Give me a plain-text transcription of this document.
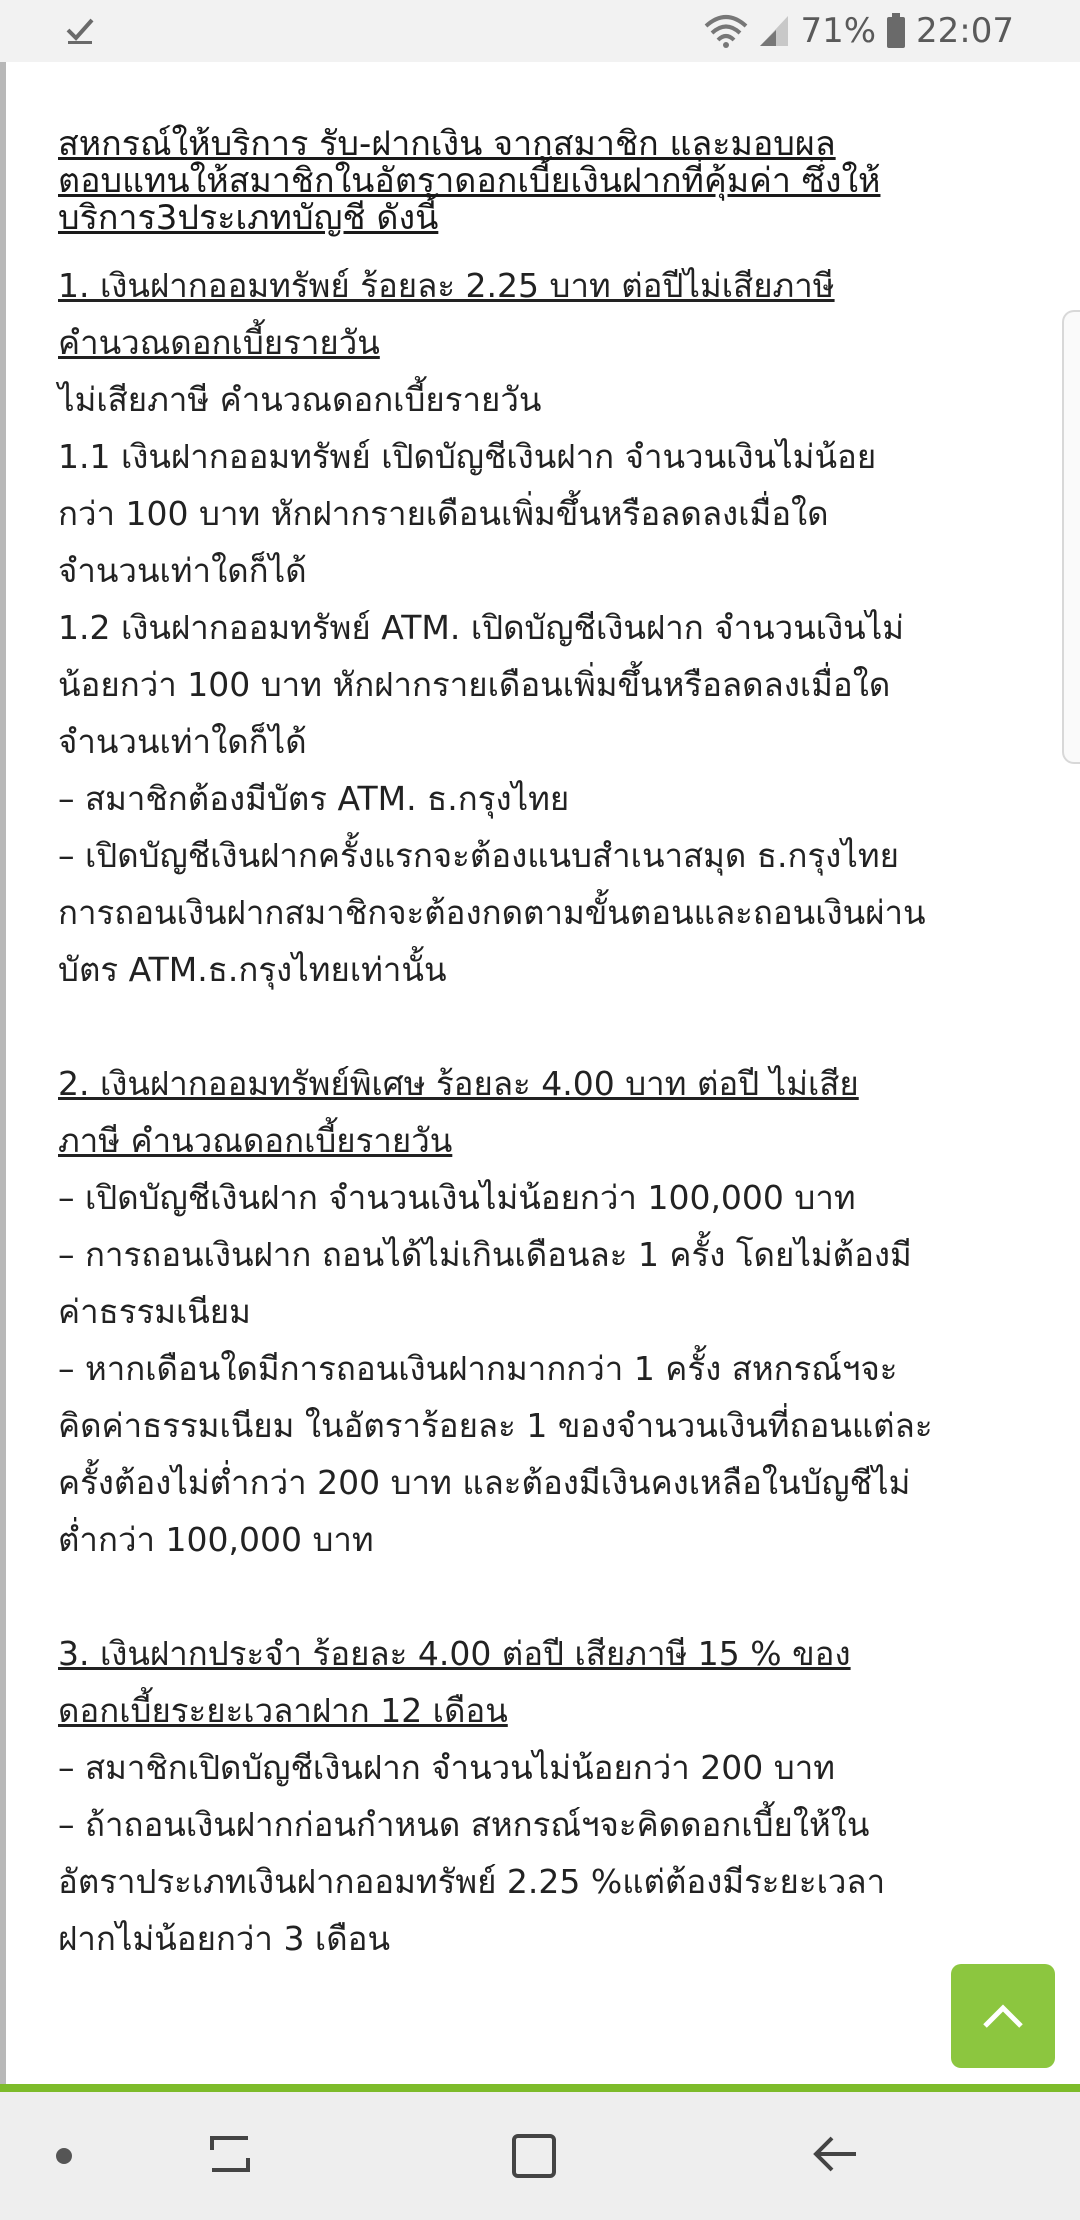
71% 22:07
สหกรณ์ให้บริการ รับ-ฝากเงิน จากสมาชิก และมอบผล
ตอบแทนให้สมาชิกในอัตราดอกเบี้ยเงินฝากที่คุ้มค่า ซึ่งให้
บริการ3ประเภทบัญชี ดังนี้

1. เงินฝากออมทรัพย์ ร้อยละ 2.25 บาท ต่อปีไม่เสียภาษี

คำนวณดอกเบี้ยรายวัน

ไม่เสียภาษี คำนวณดอกเบี้ยรายวัน

1.1 เงินฝากออมทรัพย์ เปิดบัญชีเงินฝาก จำนวนเงินไม่น้อย

กว่า 100 บาท หักฝากรายเดือนเพิ่มขึ้นหรือลดลงเมื่อใด

จำนวนเท่าใดก็ได้

1.2 เงินฝากออมทรัพย์ ATM. เปิดบัญชีเงินฝาก จำนวนเงินไม่

น้อยกว่า 100 บาท หักฝากรายเดือนเพิ่มขึ้นหรือลดลงเมื่อใด

จำนวนเท่าใดก็ได้

– สมาชิกต้องมีบัตร ATM. ธ.กรุงไทย

– เปิดบัญชีเงินฝากครั้งแรกจะต้องแนบสำเนาสมุด ธ.กรุงไทย

การถอนเงินฝากสมาชิกจะต้องกดตามขั้นตอนและถอนเงินผ่าน

บัตร ATM.ธ.กรุงไทยเท่านั้น

2. เงินฝากออมทรัพย์พิเศษ ร้อยละ 4.00 บาท ต่อปี ไม่เสีย

ภาษี คำนวณดอกเบี้ยรายวัน

– เปิดบัญชีเงินฝาก จำนวนเงินไม่น้อยกว่า 100,000 บาท

– การถอนเงินฝาก ถอนได้ไม่เกินเดือนละ 1 ครั้ง โดยไม่ต้องมี

ค่าธรรมเนียม

– หากเดือนใดมีการถอนเงินฝากมากกว่า 1 ครั้ง สหกรณ์ฯจะ

คิดค่าธรรมเนียม ในอัตราร้อยละ 1 ของจำนวนเงินที่ถอนแต่ละ

ครั้งต้องไม่ต่ำกว่า 200 บาท และต้องมีเงินคงเหลือในบัญชีไม่

ต่ำกว่า 100,000 บาท

3. เงินฝากประจำ ร้อยละ 4.00 ต่อปี เสียภาษี 15 % ของ

ดอกเบี้ยระยะเวลาฝาก 12 เดือน

– สมาชิกเปิดบัญชีเงินฝาก จำนวนไม่น้อยกว่า 200 บาท

– ถ้าถอนเงินฝากก่อนกำหนด สหกรณ์ฯจะคิดดอกเบี้ยให้ใน

อัตราประเภทเงินฝากออมทรัพย์ 2.25 %แต่ต้องมีระยะเวลา

ฝากไม่น้อยกว่า 3 เดือน
